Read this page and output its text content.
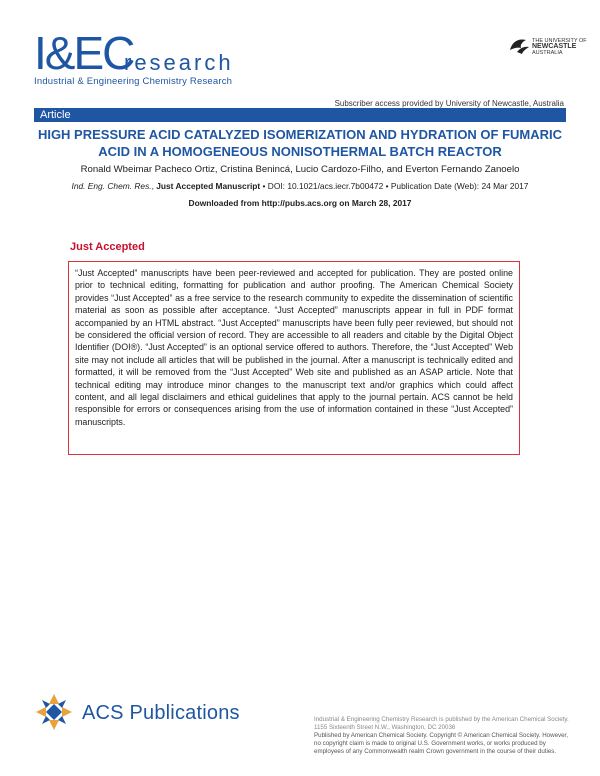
I&EC
research
Industrial & Engineering Chemistry Research
THE UNIVERSITY OF
NEWCASTLE
AUSTRALIA
Subscriber access provided by University of Newcastle, Australia
Article
HIGH PRESSURE ACID CATALYZED ISOMERIZATION AND HYDRATION OF FUMARIC ACID IN A HOMOGENEOUS NONISOTHERMAL BATCH REACTOR
Ronald Wbeimar Pacheco Ortiz, Cristina Benincá, Lucio Cardozo-Filho, and Everton Fernando Zanoelo
Ind. Eng. Chem. Res., Just Accepted Manuscript • DOI: 10.1021/acs.iecr.7b00472 • Publication Date (Web): 24 Mar 2017
Downloaded from http://pubs.acs.org on March 28, 2017
Just Accepted

“Just Accepted” manuscripts have been peer-reviewed and accepted for publication. They are posted online prior to technical editing, formatting for publication and author proofing. The American Chemical Society provides “Just Accepted” as a free service to the research community to expedite the dissemination of scientific material as soon as possible after acceptance. “Just Accepted” manuscripts appear in full in PDF format accompanied by an HTML abstract. “Just Accepted” manuscripts have been fully peer reviewed, but should not be considered the official version of record. They are accessible to all readers and citable by the Digital Object Identifier (DOI®). “Just Accepted” is an optional service offered to authors. Therefore, the “Just Accepted” Web site may not include all articles that will be published in the journal. After a manuscript is technically edited and formatted, it will be removed from the “Just Accepted” Web site and published as an ASAP article. Note that technical editing may introduce minor changes to the manuscript text and/or graphics which could affect content, and all legal disclaimers and ethical guidelines that apply to the journal pertain. ACS cannot be held responsible for errors or consequences arising from the use of information contained in these “Just Accepted” manuscripts.

ACS Publications	Industrial & Engineering Chemistry Research is published by the American Chemical Society. 1155 Sixteenth Street N.W., Washington, DC 20036
Published by American Chemical Society. Copyright © American Chemical Society. However, no copyright claim is made to original U.S. Government works, or works produced by employees of any Commonwealth realm Crown government in the course of their duties.
